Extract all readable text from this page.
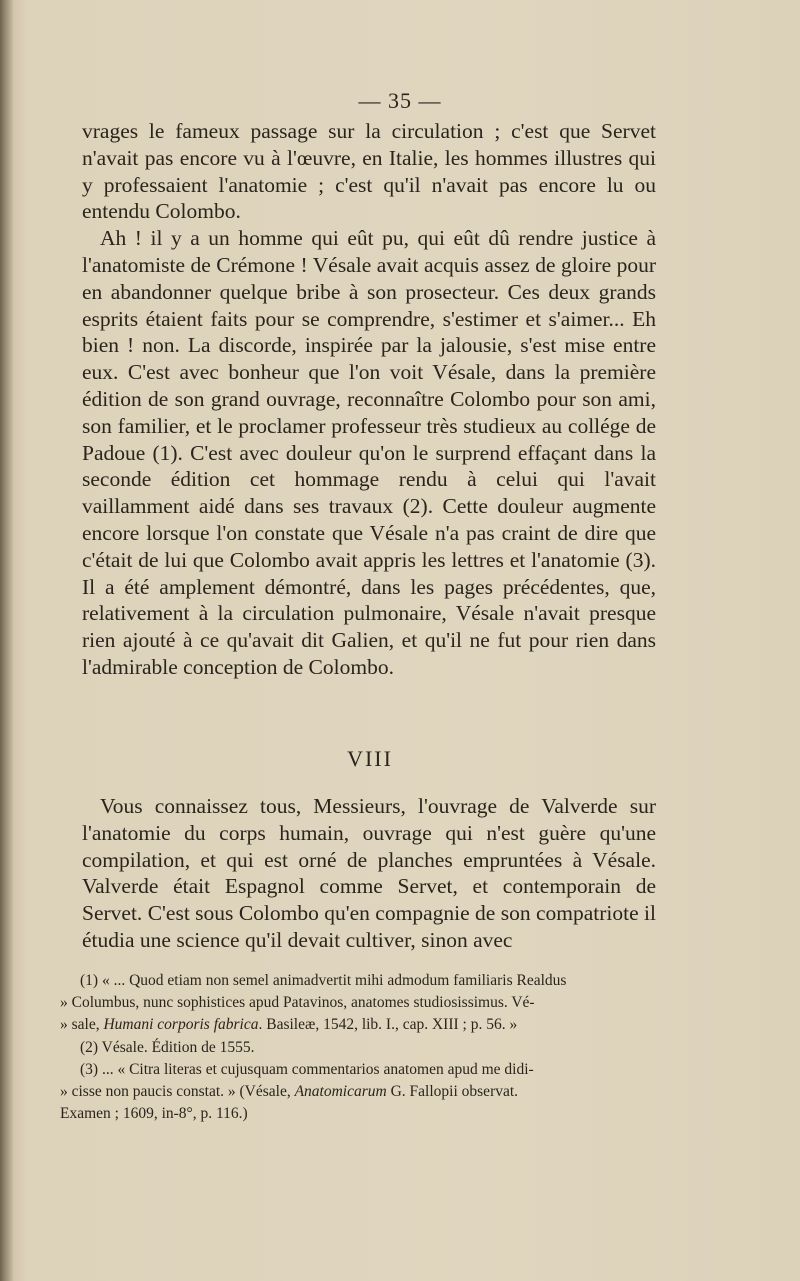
— 35 —

vrages le fameux passage sur la circulation ; c'est que Servet n'avait pas encore vu à l'œuvre, en Italie, les hommes illustres qui y professaient l'anatomie ; c'est qu'il n'avait pas encore lu ou entendu Colombo.

Ah ! il y a un homme qui eût pu, qui eût dû rendre justice à l'anatomiste de Crémone ! Vésale avait acquis assez de gloire pour en abandonner quelque bribe à son prosecteur. Ces deux grands esprits étaient faits pour se comprendre, s'estimer et s'aimer... Eh bien ! non. La discorde, inspirée par la jalousie, s'est mise entre eux. C'est avec bonheur que l'on voit Vésale, dans la première édition de son grand ouvrage, reconnaître Colombo pour son ami, son familier, et le proclamer professeur très studieux au collége de Padoue (1). C'est avec douleur qu'on le surprend effaçant dans la seconde édition cet hommage rendu à celui qui l'avait vaillamment aidé dans ses travaux (2). Cette douleur augmente encore lorsque l'on constate que Vésale n'a pas craint de dire que c'était de lui que Colombo avait appris les lettres et l'anatomie (3). Il a été amplement démontré, dans les pages précédentes, que, relativement à la circulation pulmonaire, Vésale n'avait presque rien ajouté à ce qu'avait dit Galien, et qu'il ne fut pour rien dans l'admirable conception de Colombo.

VIII

Vous connaissez tous, Messieurs, l'ouvrage de Valverde sur l'anatomie du corps humain, ouvrage qui n'est guère qu'une compilation, et qui est orné de planches empruntées à Vésale. Valverde était Espagnol comme Servet, et contemporain de Servet. C'est sous Colombo qu'en compagnie de son compatriote il étudia une science qu'il devait cultiver, sinon avec

(1) « ... Quod etiam non semel animadvertit mihi admodum familiaris Realdus

» Columbus, nunc sophistices apud Patavinos, anatomes studiosissimus. Vé-

» sale, Humani corporis fabrica. Basileæ, 1542, lib. I., cap. XIII ; p. 56. »

(2) Vésale. Édition de 1555.

(3) ... « Citra literas et cujusquam commentarios anatomen apud me didi-

» cisse non paucis constat. » (Vésale, Anatomicarum G. Fallopii observat.

Examen ; 1609, in-8°, p. 116.)
